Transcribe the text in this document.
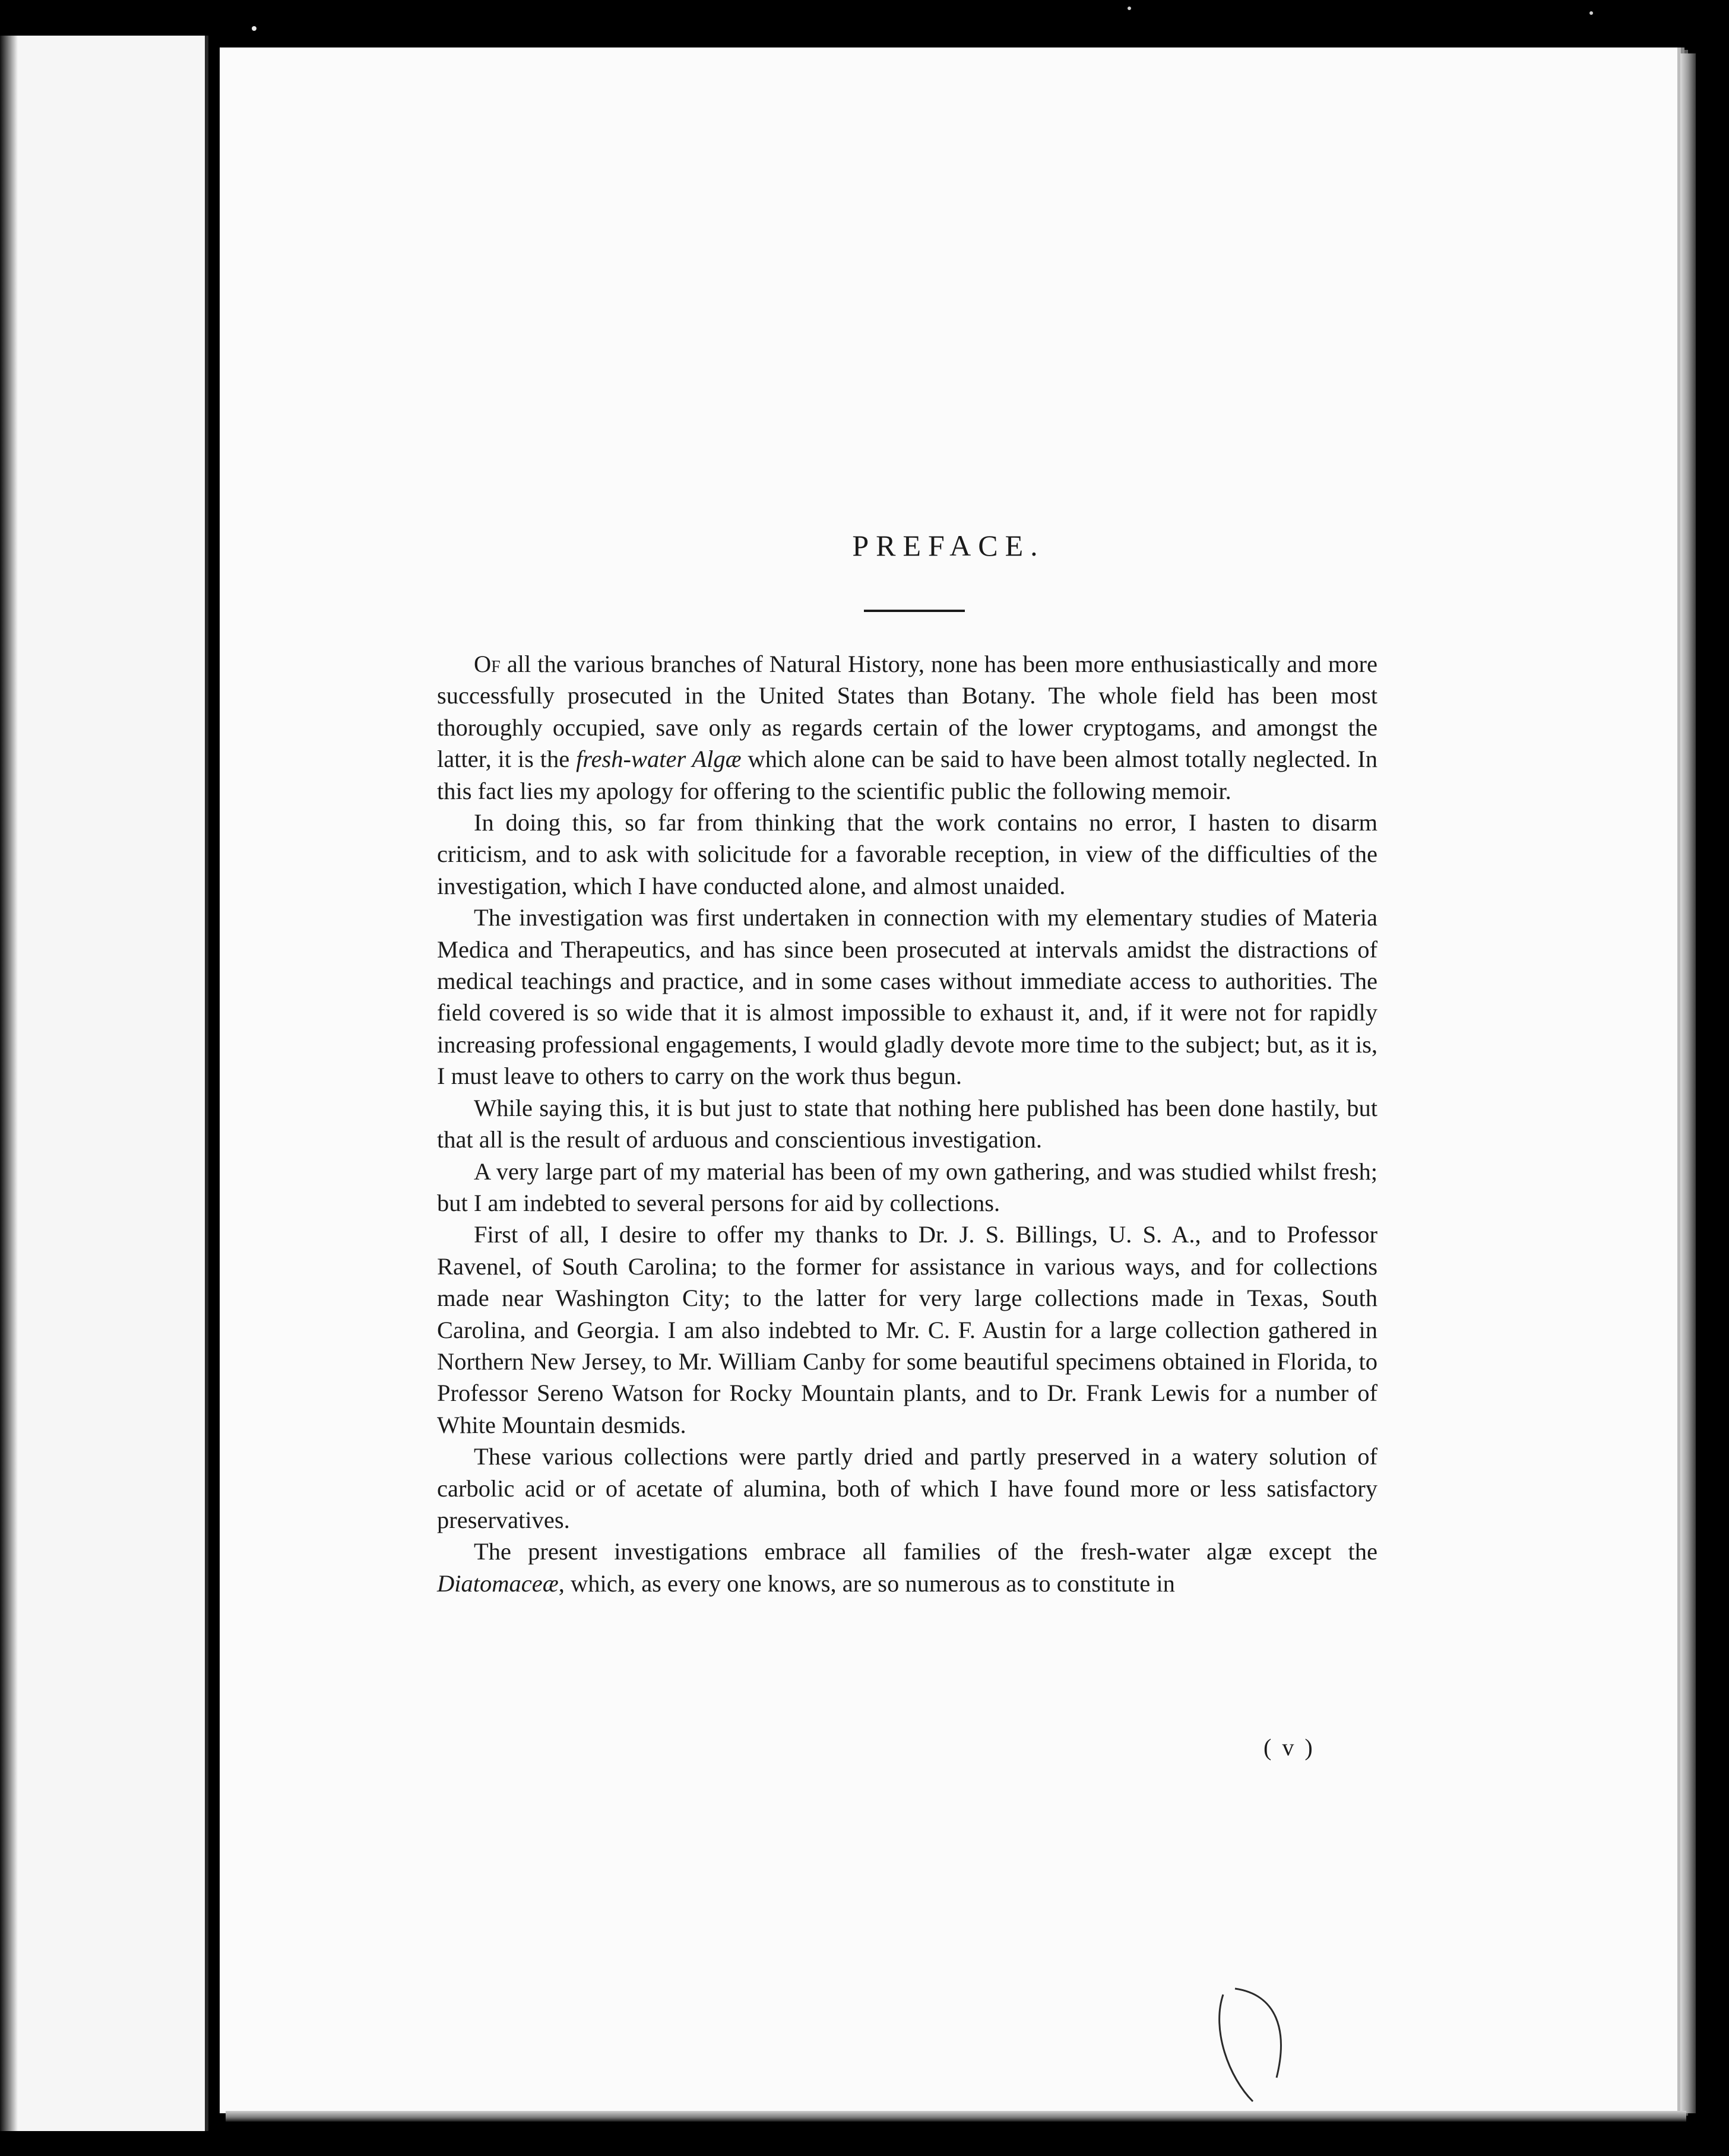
PREFACE.

Of all the various branches of Natural History, none has been more enthusiastically and more successfully prosecuted in the United States than Botany. The whole field has been most thoroughly occupied, save only as regards certain of the lower cryptogams, and amongst the latter, it is the fresh-water Algæ which alone can be said to have been almost totally neglected. In this fact lies my apology for offering to the scientific public the following memoir.

In doing this, so far from thinking that the work contains no error, I hasten to disarm criticism, and to ask with solicitude for a favorable reception, in view of the difficulties of the investigation, which I have conducted alone, and almost unaided.

The investigation was first undertaken in connection with my elementary studies of Materia Medica and Therapeutics, and has since been prosecuted at intervals amidst the distractions of medical teachings and practice, and in some cases without immediate access to authorities. The field covered is so wide that it is almost impossible to exhaust it, and, if it were not for rapidly increasing professional engagements, I would gladly devote more time to the subject; but, as it is, I must leave to others to carry on the work thus begun.

While saying this, it is but just to state that nothing here published has been done hastily, but that all is the result of arduous and conscientious investigation.

A very large part of my material has been of my own gathering, and was studied whilst fresh; but I am indebted to several persons for aid by collections.

First of all, I desire to offer my thanks to Dr. J. S. Billings, U. S. A., and to Professor Ravenel, of South Carolina; to the former for assistance in various ways, and for collections made near Washington City; to the latter for very large collections made in Texas, South Carolina, and Georgia. I am also indebted to Mr. C. F. Austin for a large collection gathered in Northern New Jersey, to Mr. William Canby for some beautiful specimens obtained in Florida, to Professor Sereno Watson for Rocky Mountain plants, and to Dr. Frank Lewis for a number of White Mountain desmids.

These various collections were partly dried and partly preserved in a watery solution of carbolic acid or of acetate of alumina, both of which I have found more or less satisfactory preservatives.

The present investigations embrace all families of the fresh-water algæ except the Diatomaceæ, which, as every one knows, are so numerous as to constitute in

( v )
